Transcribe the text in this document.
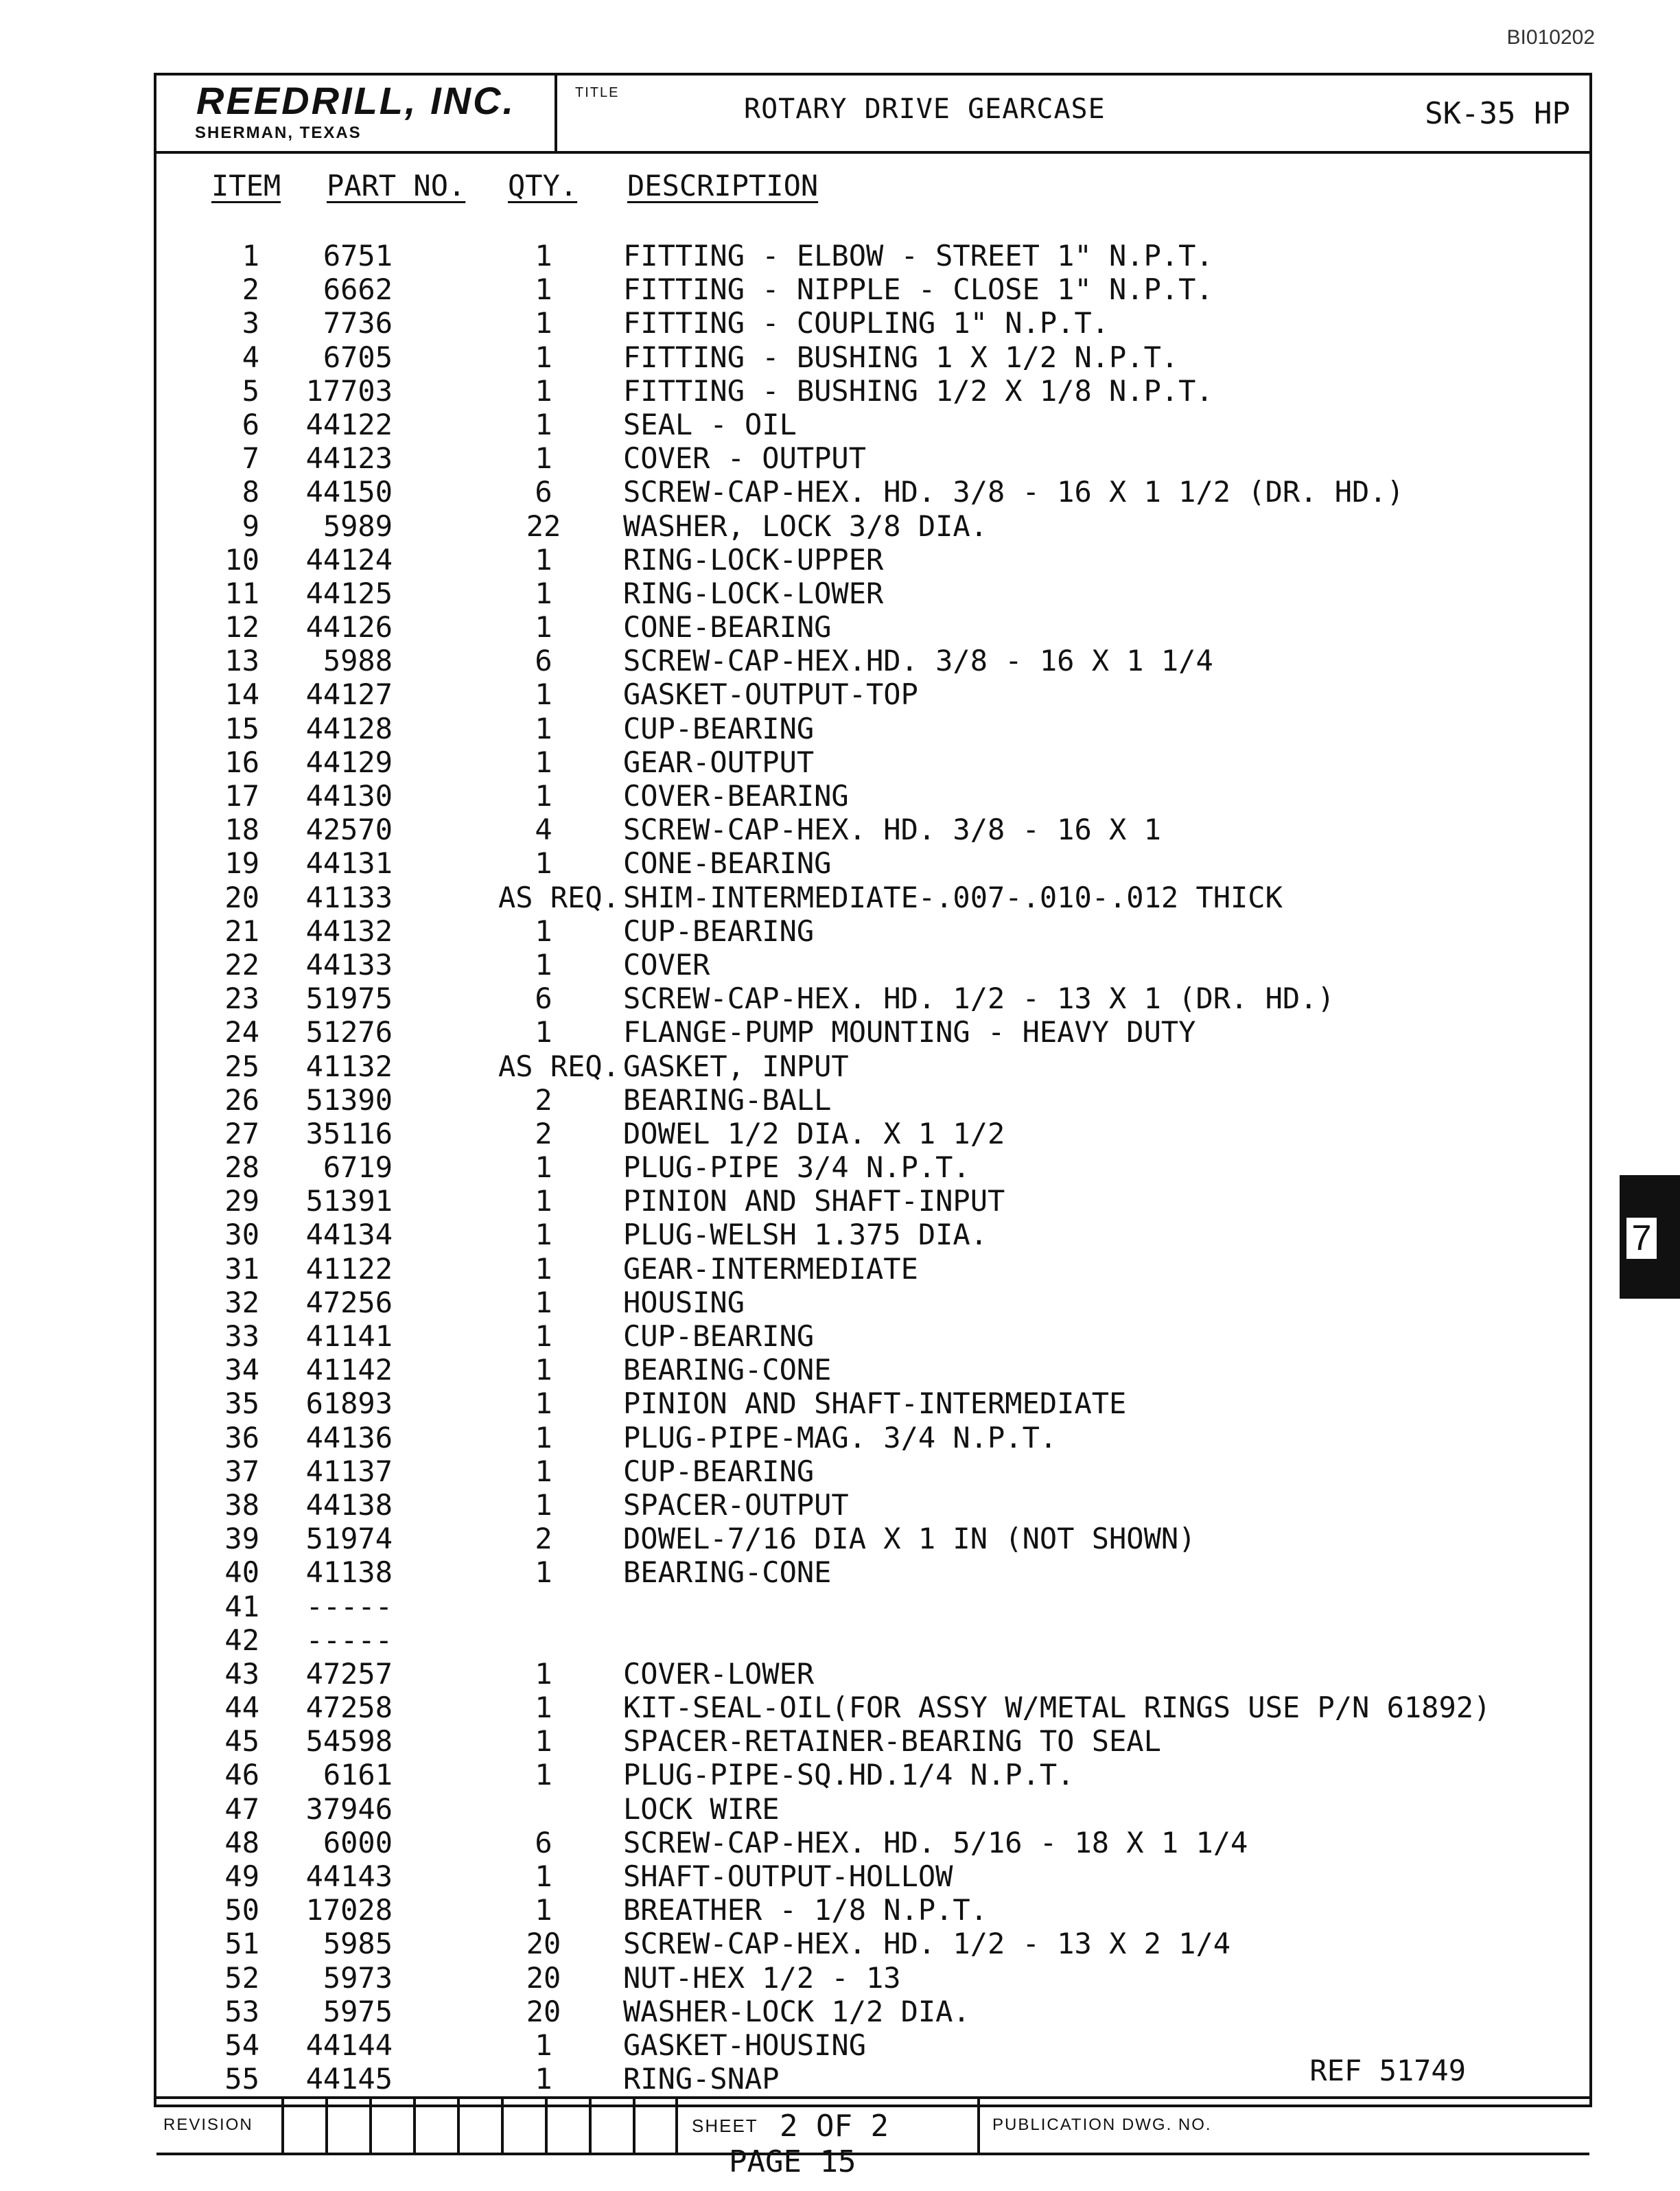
BI010202
REEDRILL, INC.
SHERMAN, TEXAS
TITLE
ROTARY DRIVE GEARCASE	SK-35 HP
ITEM PART NO. QTY. DESCRIPTION
1 6751	1	FITTING - ELBOW - STREET 1" N.P.T.
2 6662	1	FITTING - NIPPLE - CLOSE 1" N.P.T.
3 7736	1	FITTING - COUPLING 1" N.P.T.
4 6705	1	FITTING - BUSHING 1 X 1/2 N.P.T.
5 17703	1	FITTING - BUSHING 1/2 X 1/8 N.P.T.
6 44122	1	SEAL - OIL
7 44123	1	COVER - OUTPUT
8 44150	6	SCREW-CAP-HEX. HD. 3/8 - 16 X 1 1/2 (DR. HD.)
9 5989	22	WASHER, LOCK 3/8 DIA.
10 44124	1	RING-LOCK-UPPER
11 44125	1	RING-LOCK-LOWER
12 44126	1	CONE-BEARING
13 5988	6	SCREW-CAP-HEX.HD. 3/8 - 16 X 1 1/4
14 44127	1	GASKET-OUTPUT-TOP
15 44128	1	CUP-BEARING
16 44129	1	GEAR-OUTPUT
17 44130	1	COVER-BEARING
18 42570	4	SCREW-CAP-HEX. HD. 3/8 - 16 X 1
19 44131	1	CONE-BEARING
20 41133	AS REQ. SHIM-INTERMEDIATE-.007-.010-.012 THICK
21 44132	1	CUP-BEARING
22 44133	1	COVER
23 51975	6	SCREW-CAP-HEX. HD. 1/2 - 13 X 1 (DR. HD.)
24 51276	1	FLANGE-PUMP MOUNTING - HEAVY DUTY
25 41132	AS REQ. GASKET, INPUT
26 51390	2	BEARING-BALL
27 35116	2	DOWEL 1/2 DIA. X 1 1/2
28 6719	1	PLUG-PIPE 3/4 N.P.T.
29 51391	1	PINION AND SHAFT-INPUT
30 44134	1	PLUG-WELSH 1.375 DIA.
31 41122	1	GEAR-INTERMEDIATE
32 47256	1	HOUSING
33 41141	1	CUP-BEARING
34 41142	1	BEARING-CONE
35 61893	1	PINION AND SHAFT-INTERMEDIATE
36 44136	1	PLUG-PIPE-MAG. 3/4 N.P.T.
37 41137	1	CUP-BEARING
38 44138	1	SPACER-OUTPUT
39 51974	2	DOWEL-7/16 DIA X 1 IN (NOT SHOWN)
40 41138	1	BEARING-CONE
41 -----
42 -----
43 47257	1	COVER-LOWER
44 47258	1	KIT-SEAL-OIL(FOR ASSY W/METAL RINGS USE P/N 61892)
45 54598	1	SPACER-RETAINER-BEARING TO SEAL
46 6161	1	PLUG-PIPE-SQ.HD.1/4 N.P.T.
47 37946	LOCK WIRE
48 6000	6	SCREW-CAP-HEX. HD. 5/16 - 18 X 1 1/4
49 44143	1	SHAFT-OUTPUT-HOLLOW
50 17028	1	BREATHER - 1/8 N.P.T.
51 5985	20	SCREW-CAP-HEX. HD. 1/2 - 13 X 2 1/4
52 5973	20	NUT-HEX 1/2 - 13
53 5975	20	WASHER-LOCK 1/2 DIA.
54 44144	1	GASKET-HOUSING
55 44145	1	RING-SNAP	REF 51749
REVISION	SHEET 2 OF 2	PUBLICATION DWG. NO.
PAGE 15
7
